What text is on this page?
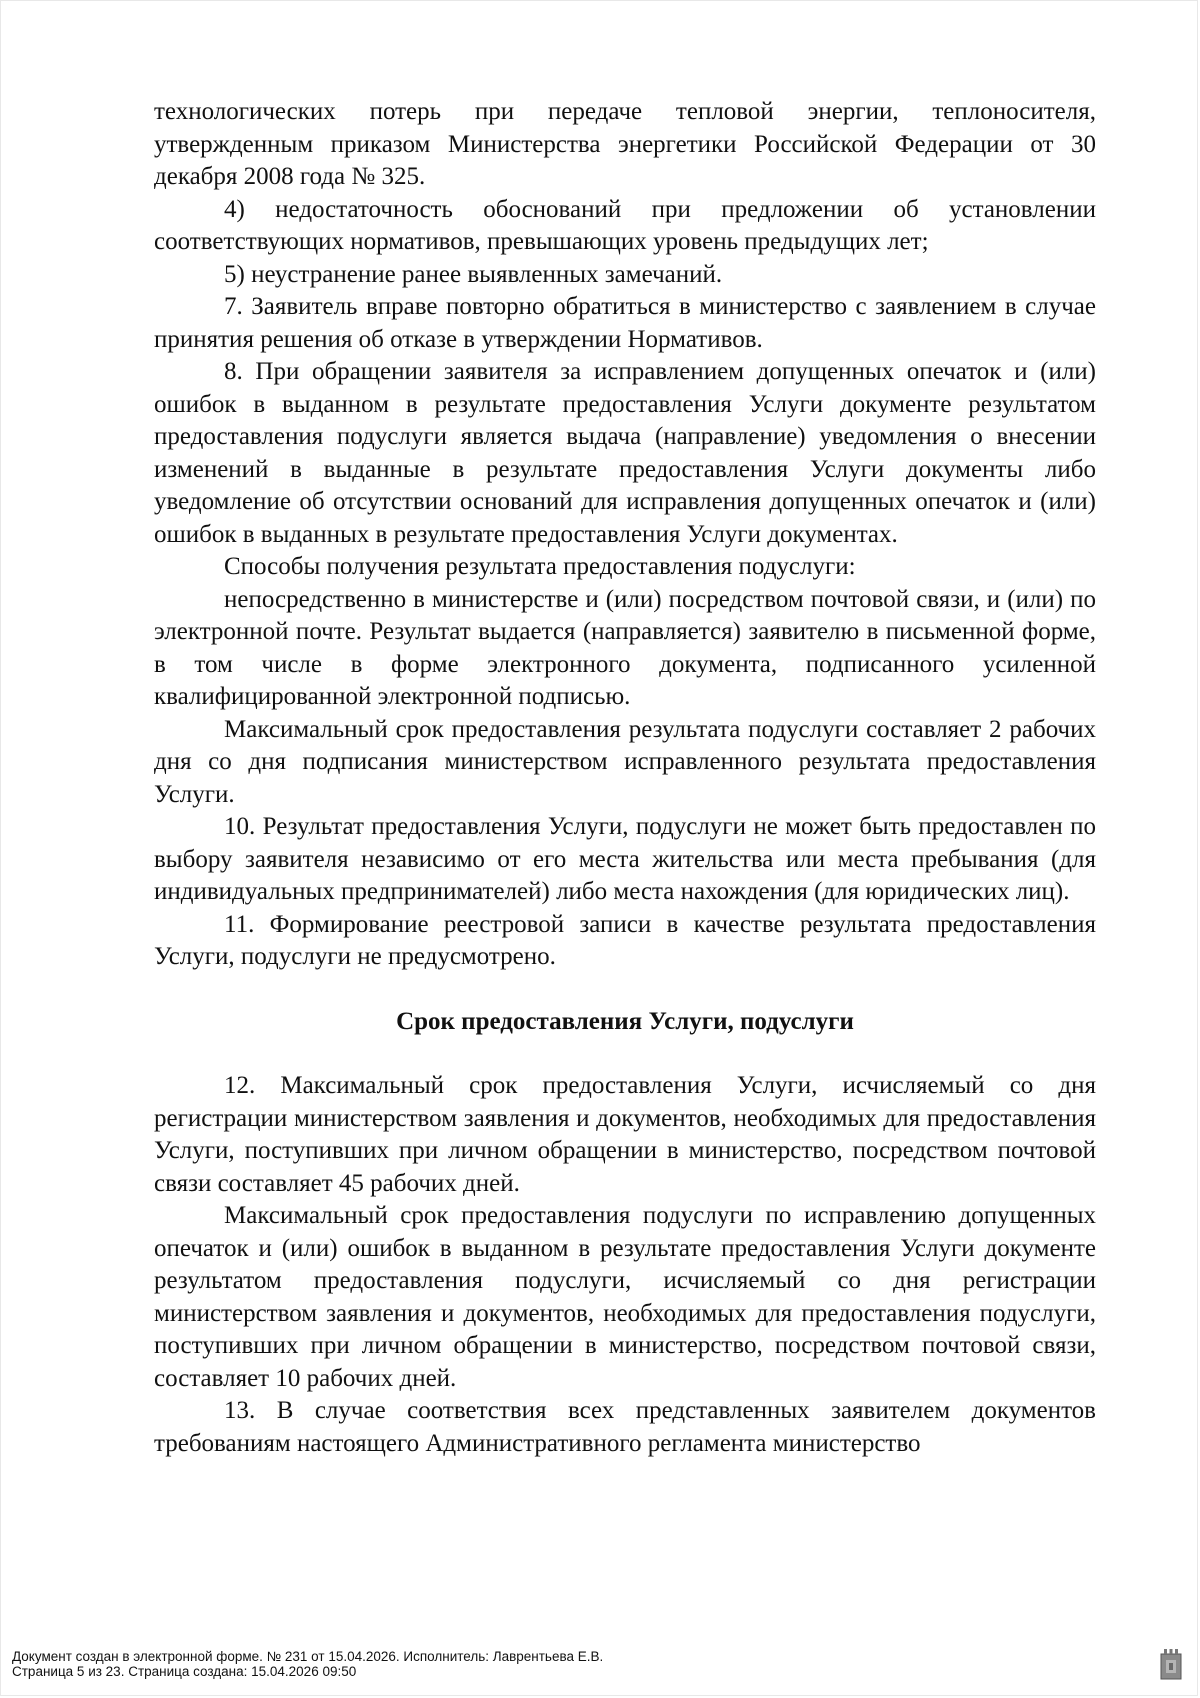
технологических потерь при передаче тепловой энергии, теплоносителя, утвержденным приказом Министерства энергетики Российской Федерации от 30 декабря 2008 года № 325.

4) недостаточность обоснований при предложении об установлении соответствующих нормативов, превышающих уровень предыдущих лет;

5) неустранение ранее выявленных замечаний.

7. Заявитель вправе повторно обратиться в министерство с заявлением в случае принятия решения об отказе в утверждении Нормативов.

8. При обращении заявителя за исправлением допущенных опечаток и (или) ошибок в выданном в результате предоставления Услуги документе результатом предоставления подуслуги является выдача (направление) уведомления о внесении изменений в выданные в результате предоставления Услуги документы либо уведомление об отсутствии оснований для исправления допущенных опечаток и (или) ошибок в выданных в результате предоставления Услуги документах.

Способы получения результата предоставления подуслуги:

непосредственно в министерстве и (или) посредством почтовой связи, и (или) по электронной почте. Результат выдается (направляется) заявителю в письменной форме, в том числе в форме электронного документа, подписанного усиленной квалифицированной электронной подписью.

Максимальный срок предоставления результата подуслуги составляет 2 рабочих дня со дня подписания министерством исправленного результата предоставления Услуги.

10. Результат предоставления Услуги, подуслуги не может быть предоставлен по выбору заявителя независимо от его места жительства или места пребывания (для индивидуальных предпринимателей) либо места нахождения (для юридических лиц).

11. Формирование реестровой записи в качестве результата предоставления Услуги, подуслуги не предусмотрено.

Срок предоставления Услуги, подуслуги

12. Максимальный срок предоставления Услуги, исчисляемый со дня регистрации министерством заявления и документов, необходимых для предоставления Услуги, поступивших при личном обращении в министерство, посредством почтовой связи составляет 45 рабочих дней.

Максимальный срок предоставления подуслуги по исправлению допущенных опечаток и (или) ошибок в выданном в результате предоставления Услуги документе результатом предоставления подуслуги, исчисляемый со дня регистрации министерством заявления и документов, необходимых для предоставления подуслуги, поступивших при личном обращении в министерство, посредством почтовой связи, составляет 10 рабочих дней.

13. В случае соответствия всех представленных заявителем документов требованиям настоящего Административного регламента министерство

Документ создан в электронной форме. № 231 от 15.04.2026. Исполнитель: Лаврентьева Е.В.
Страница 5 из 23. Страница создана: 15.04.2026 09:50
